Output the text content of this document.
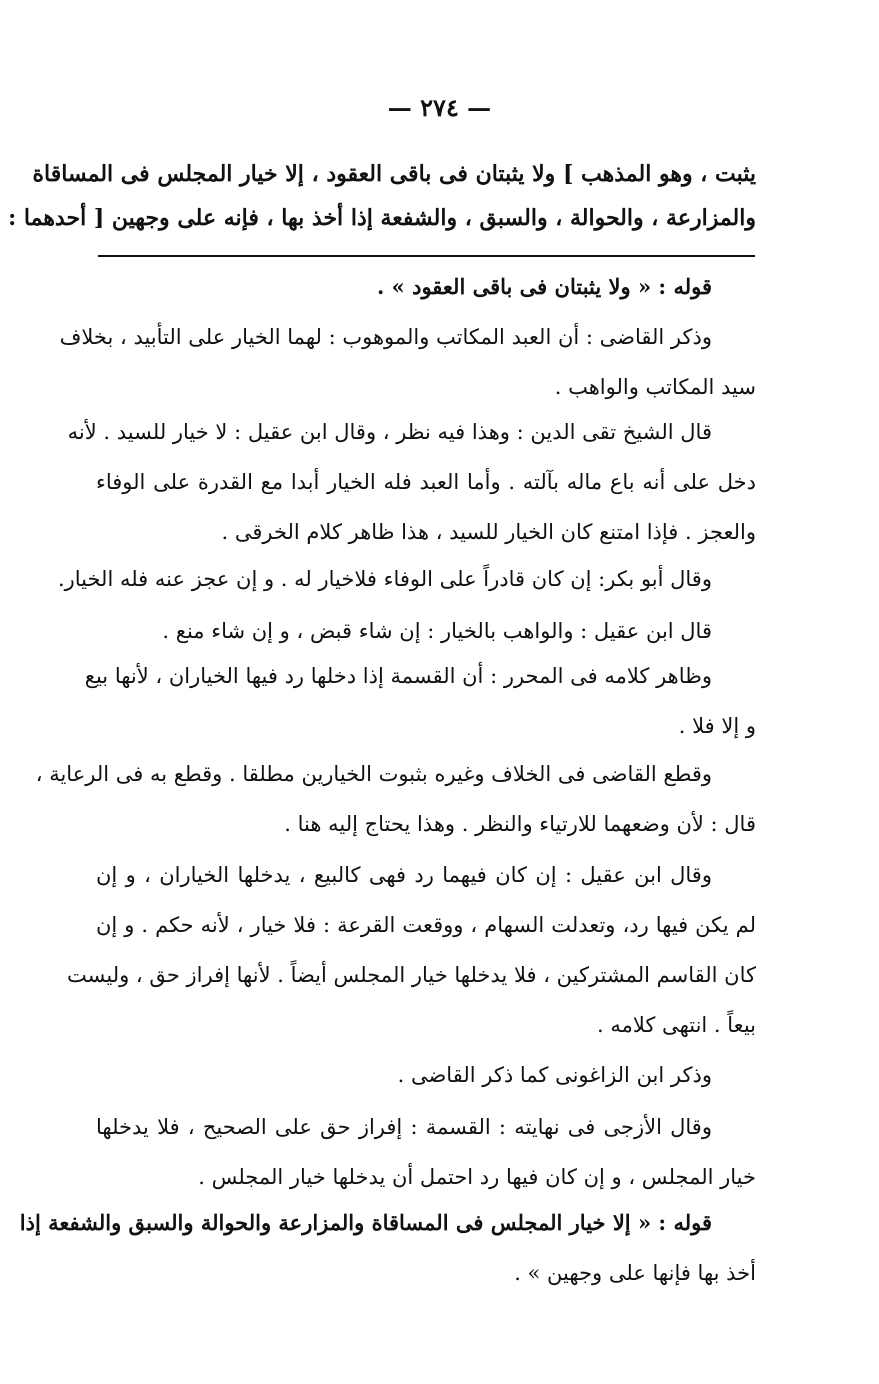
— ٢٧٤ —

يثبت ، وهو المذهب ] ولا يثبتان فى باقى العقود ، إلا خيار المجلس فى المساقاة

والمزارعة ، والحوالة ، والسبق ، والشفعة إذا أخذ بها ، فإنه على وجهين [ أحدهما :

قوله : « ولا يثبتان فى باقى العقود » .
وذكر القاضى : أن العبد المكاتب والموهوب : لهما الخيار على التأبيد ، بخلاف
سيد المكاتب والواهب .
قال الشيخ تقى الدين : وهذا فيه نظر ، وقال ابن عقيل : لا خيار للسيد . لأنه
دخل على أنه باع ماله بآلته . وأما العبد فله الخيار أبدا مع القدرة على الوفاء
والعجز . فإذا امتنع كان الخيار للسيد ، هذا ظاهر كلام الخرقى .
وقال أبو بكر: إن كان قادراً على الوفاء فلاخيار له . و إن عجز عنه فله الخيار.
قال ابن عقيل : والواهب بالخيار : إن شاء قبض ، و إن شاء منع .
وظاهر كلامه فى المحرر : أن القسمة إذا دخلها رد فيها الخياران ، لأنها بيع
و إلا فلا .
وقطع القاضى فى الخلاف وغيره بثبوت الخيارين مطلقا . وقطع به فى الرعاية ،
قال : لأن وضعهما للارتياء والنظر . وهذا يحتاج إليه هنا .
وقال ابن عقيل : إن كان فيهما رد فهى كالبيع ، يدخلها الخياران ، و إن
لم يكن فيها رد، وتعدلت السهام ، ووقعت القرعة : فلا خيار ، لأنه حكم . و إن
كان القاسم المشتركين ، فلا يدخلها خيار المجلس أيضاً . لأنها إفراز حق ، وليست
بيعاً . انتهى كلامه .
وذكر ابن الزاغونى كما ذكر القاضى .
وقال الأزجى فى نهايته : القسمة : إفراز حق على الصحيح ، فلا يدخلها
خيار المجلس ، و إن كان فيها رد احتمل أن يدخلها خيار المجلس .
قوله : « إلا خيار المجلس فى المساقاة والمزارعة والحوالة والسبق والشفعة إذا
أخذ بها فإنها على وجهين » .
